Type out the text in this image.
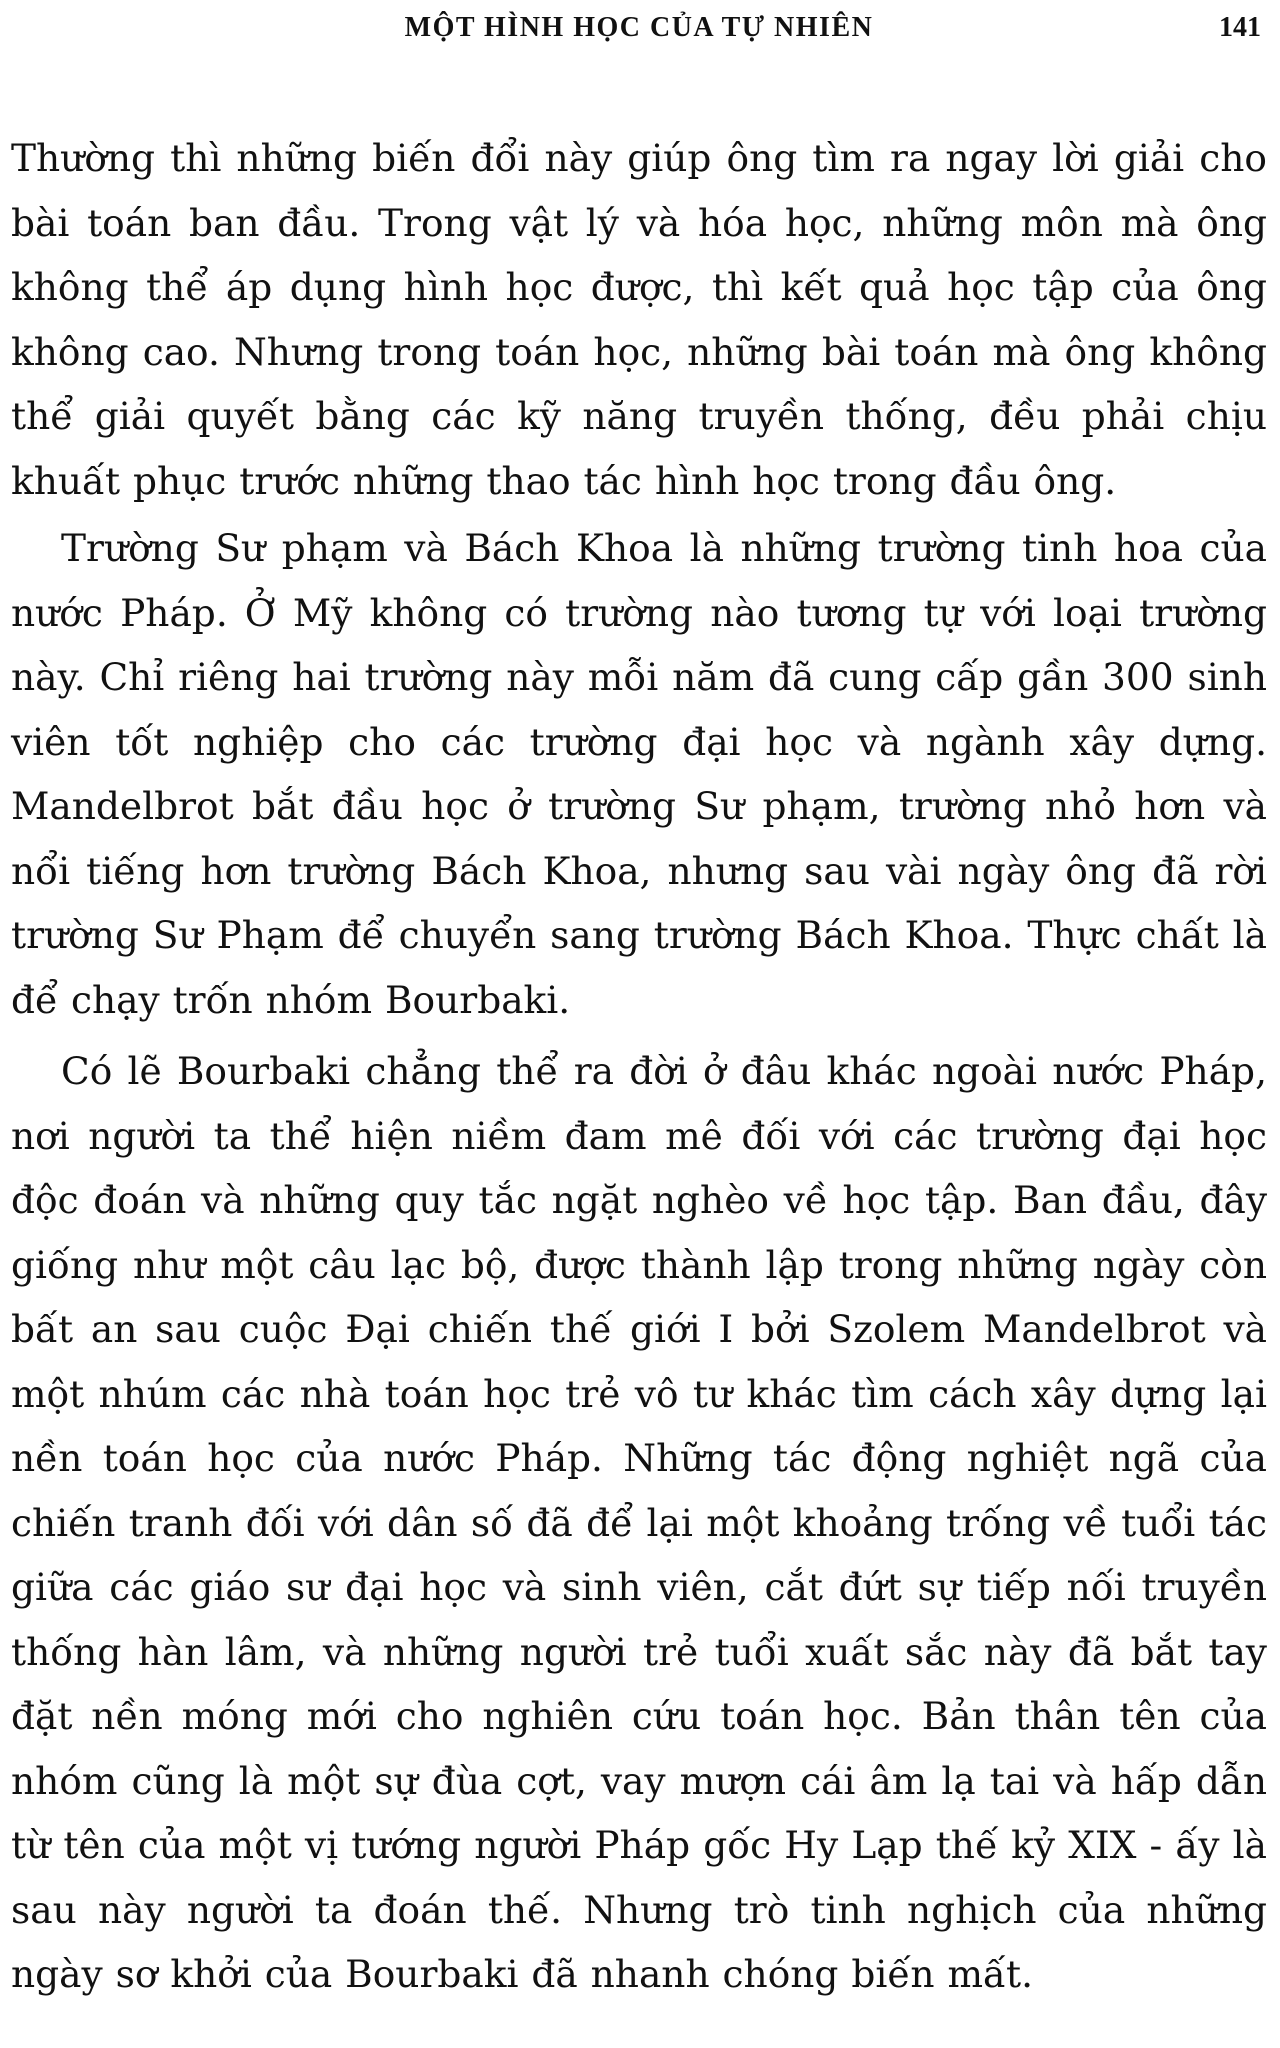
MỘT HÌNH HỌC CỦA TỰ NHIÊN	141

Thường thì những biến đổi này giúp ông tìm ra ngay lời giải cho bài toán ban đầu. Trong vật lý và hóa học, những môn mà ông không thể áp dụng hình học được, thì kết quả học tập của ông không cao. Nhưng trong toán học, những bài toán mà ông không thể giải quyết bằng các kỹ năng truyền thống, đều phải chịu khuất phục trước những thao tác hình học trong đầu ông.

Trường Sư phạm và Bách Khoa là những trường tinh hoa của nước Pháp. Ở Mỹ không có trường nào tương tự với loại trường này. Chỉ riêng hai trường này mỗi năm đã cung cấp gần 300 sinh viên tốt nghiệp cho các trường đại học và ngành xây dựng. Mandelbrot bắt đầu học ở trường Sư phạm, trường nhỏ hơn và nổi tiếng hơn trường Bách Khoa, nhưng sau vài ngày ông đã rời trường Sư Phạm để chuyển sang trường Bách Khoa. Thực chất là để chạy trốn nhóm Bourbaki.

Có lẽ Bourbaki chẳng thể ra đời ở đâu khác ngoài nước Pháp, nơi người ta thể hiện niềm đam mê đối với các trường đại học độc đoán và những quy tắc ngặt nghèo về học tập. Ban đầu, đây giống như một câu lạc bộ, được thành lập trong những ngày còn bất an sau cuộc Đại chiến thế giới I bởi Szolem Mandelbrot và một nhúm các nhà toán học trẻ vô tư khác tìm cách xây dựng lại nền toán học của nước Pháp. Những tác động nghiệt ngã của chiến tranh đối với dân số đã để lại một khoảng trống về tuổi tác giữa các giáo sư đại học và sinh viên, cắt đứt sự tiếp nối truyền thống hàn lâm, và những người trẻ tuổi xuất sắc này đã bắt tay đặt nền móng mới cho nghiên cứu toán học. Bản thân tên của nhóm cũng là một sự đùa cợt, vay mượn cái âm lạ tai và hấp dẫn từ tên của một vị tướng người Pháp gốc Hy Lạp thế kỷ XIX - ấy là sau này người ta đoán thế. Nhưng trò tinh nghịch của những ngày sơ khởi của Bourbaki đã nhanh chóng biến mất.
